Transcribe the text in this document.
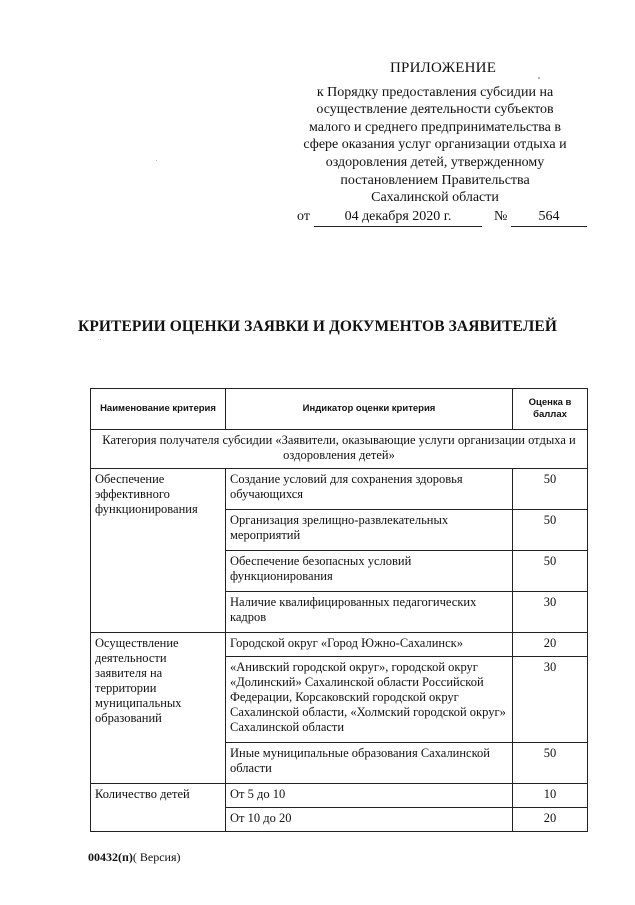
ПРИЛОЖЕНИЕ
к Порядку предоставления субсидии на
осуществление деятельности субъектов
малого и среднего предпринимательства в
сфере оказания услуг организации отдыха и
оздоровления детей, утвержденному
постановлением Правительства
Сахалинской области
от	04 декабря 2020 г.	№	564
КРИТЕРИИ ОЦЕНКИ ЗАЯВКИ И ДОКУМЕНТОВ ЗАЯВИТЕЛЕЙ
Наименование критерия	Индикатор оценки критерия	Оценка в баллах
Категория получателя субсидии «Заявители, оказывающие услуги организации отдыха и оздоровления детей»		
Обеспечение эффективного функционирования	Создание условий для сохранения здоровья обучающихся	50
	Организация зрелищно-развлекательных мероприятий	50
	Обеспечение безопасных условий функционирования	50
	Наличие квалифицированных педагогических кадров	30
Осуществление деятельности заявителя на территории муниципальных образований	Городской округ «Город Южно-Сахалинск»	20
	«Анивский городской округ», городской округ «Долинский» Сахалинской области Российской Федерации, Корсаковский городской округ Сахалинской области, «Холмский городской округ» Сахалинской области	30
	Иные муниципальные образования Сахалинской области	50
Количество детей	От 5 до 10	10
	От 10 до 20	20
00432(п)( Версия)
